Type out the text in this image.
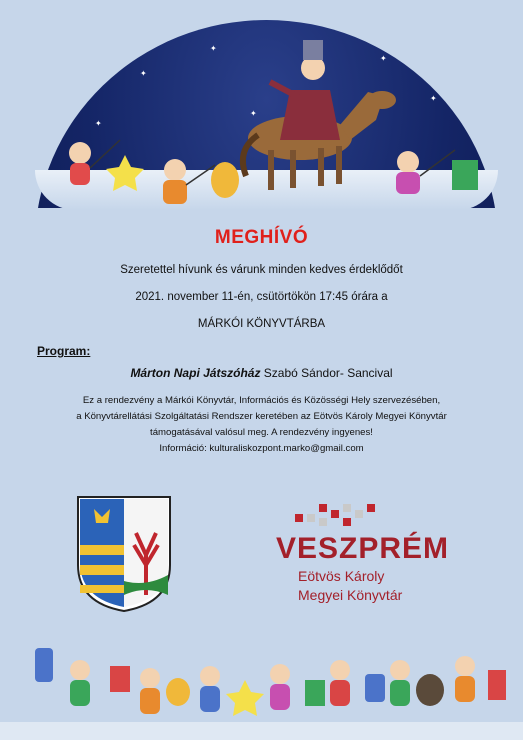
✦
✦
✦
✦
✦
✦
MEGHÍVÓ
Szeretettel hívunk és várunk minden kedves érdeklődőt
2021. november 11-én, csütörtökön 17:45 órára a
MÁRKÓI KÖNYVTÁRBA
Program:
Márton Napi Játszóház Szabó Sándor- Sancival
Ez a rendezvény a Márkói Könyvtár, Információs és Közösségi Hely szervezésében,
a Könyvtárellátási Szolgáltatási Rendszer keretében az Eötvös Károly Megyei Könyvtár
támogatásával valósul meg. A rendezvény ingyenes!
Információ: kulturaliskozpont.marko@gmail.com
VESZPRÉM
Eötvös Károly
Megyei Könyvtár
